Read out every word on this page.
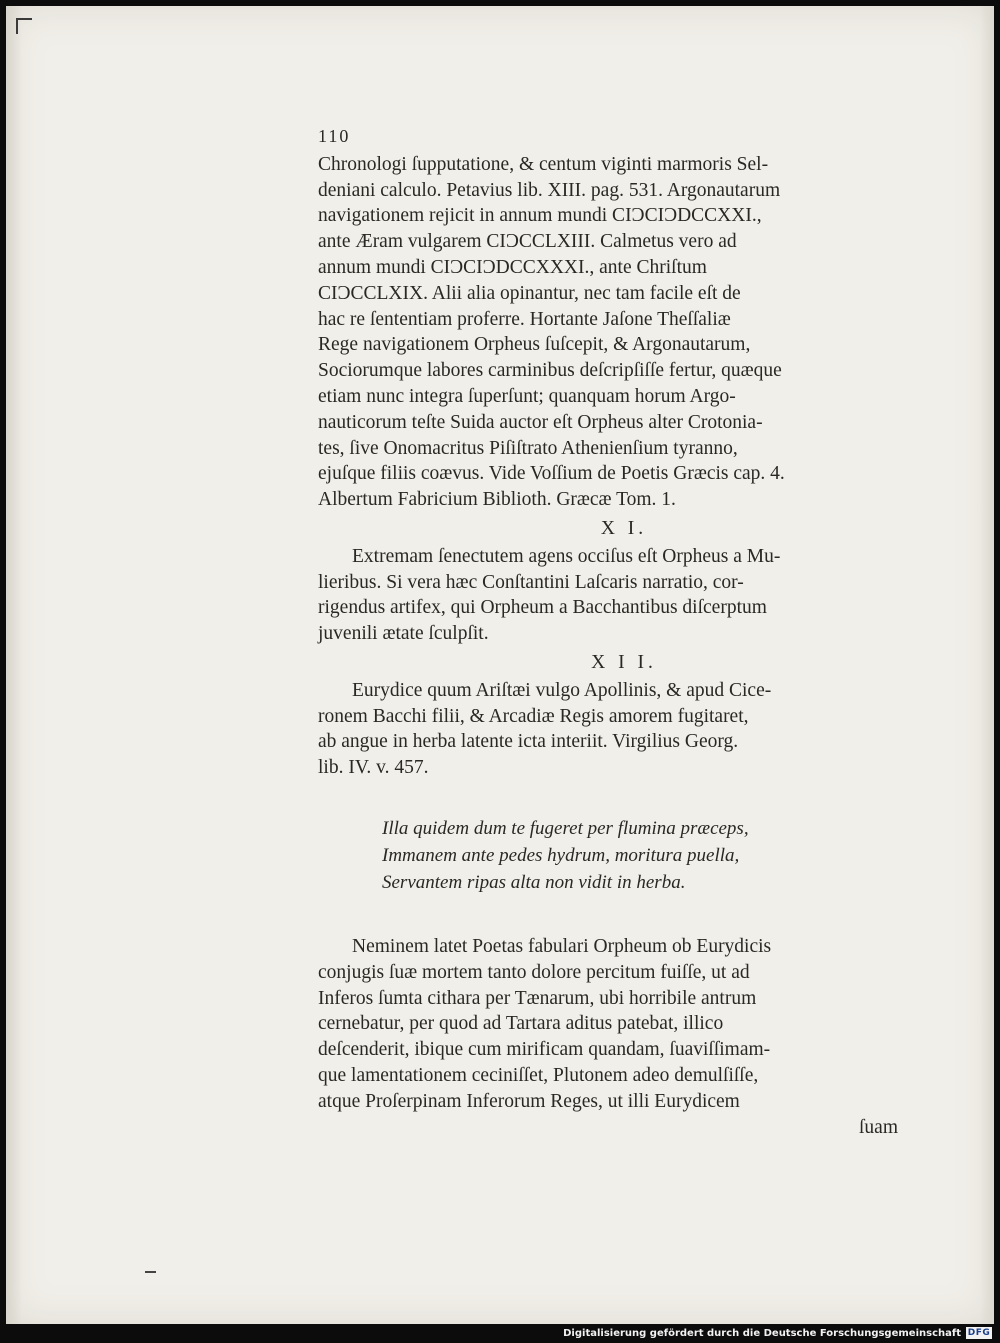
110
Chronologi ſupputatione, & centum viginti marmoris Sel-
deniani calculo. Petavius lib. XIII. pag. 531. Argonautarum
navigationem rejicit in annum mundi CIƆCIƆDCCXXI.,
ante Æram vulgarem CIƆCCLXIII. Calmetus vero ad
annum mundi CIƆCIƆDCCXXXI., ante Chriſtum
CIƆCCLXIX. Alii alia opinantur, nec tam facile eſt de
hac re ſententiam proferre. Hortante Jaſone Theſſaliæ
Rege navigationem Orpheus ſuſcepit, & Argonautarum,
Sociorumque labores carminibus deſcripſiſſe fertur, quæque
etiam nunc integra ſuperſunt; quanquam horum Argo-
nauticorum teſte Suida auctor eſt Orpheus alter Crotonia-
tes, ſive Onomacritus Piſiſtrato Athenienſium tyranno,
ejuſque filiis coævus. Vide Voſſium de Poetis Græcis cap. 4.
Albertum Fabricium Biblioth. Græcæ Tom. 1.
X I.
Extremam ſenectutem agens occiſus eſt Orpheus a Mu-
lieribus. Si vera hæc Conſtantini Laſcaris narratio, cor-
rigendus artifex, qui Orpheum a Bacchantibus diſcerptum
juvenili ætate ſculpſit.
X I I.
Eurydice quum Ariſtæi vulgo Apollinis, & apud Cice-
ronem Bacchi filii, & Arcadiæ Regis amorem fugitaret,
ab angue in herba latente icta interiit. Virgilius Georg.
lib. IV. v. 457.
Illa quidem dum te fugeret per flumina præceps,
Immanem ante pedes hydrum, moritura puella,
Servantem ripas alta non vidit in herba.
Neminem latet Poetas fabulari Orpheum ob Eurydicis
conjugis ſuæ mortem tanto dolore percitum fuiſſe, ut ad
Inferos ſumta cithara per Tænarum, ubi horribile antrum
cernebatur, per quod ad Tartara aditus patebat, illico
deſcenderit, ibique cum mirificam quandam, ſuaviſſimam-
que lamentationem ceciniſſet, Plutonem adeo demulſiſſe,
atque Proſerpinam Inferorum Reges, ut illi Eurydicem
ſuam
Digitalisierung gefördert durch die Deutsche Forschungsgemeinschaft DFG
